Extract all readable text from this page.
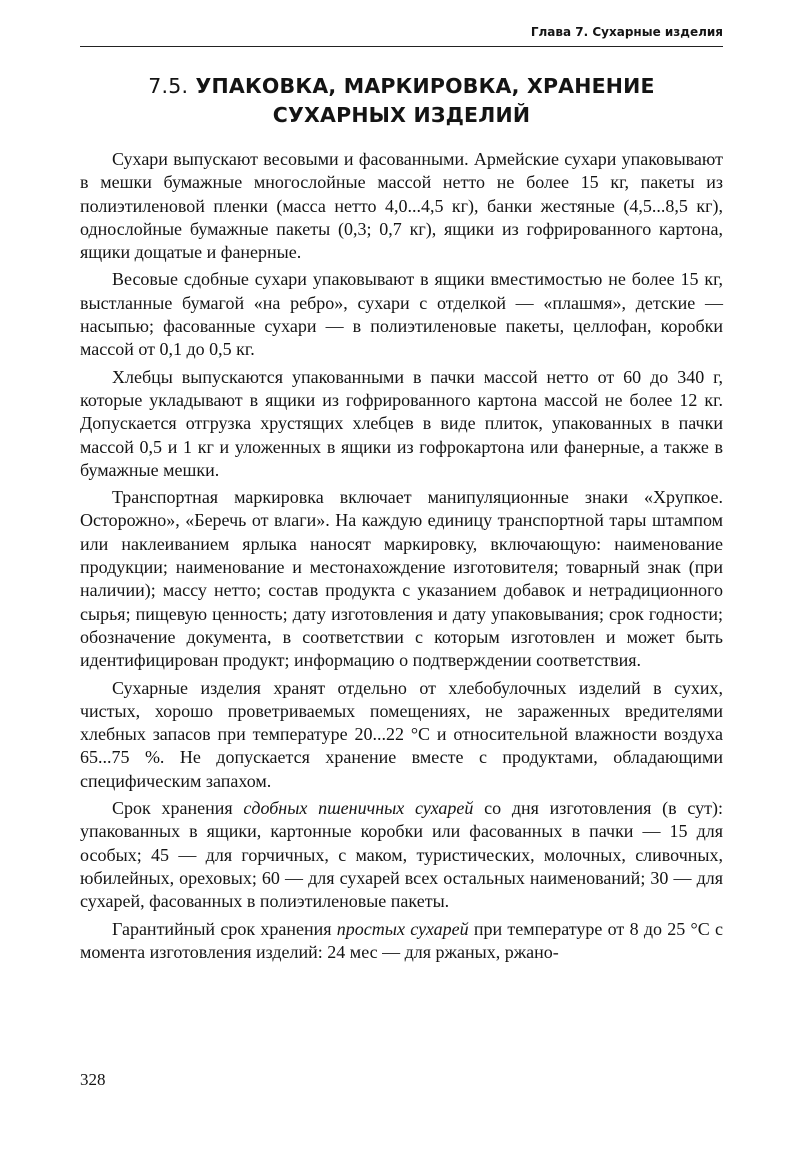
Глава 7. Сухарные изделия
7.5. УПАКОВКА, МАРКИРОВКА, ХРАНЕНИЕ
СУХАРНЫХ ИЗДЕЛИЙ

Сухари выпускают весовыми и фасованными. Армейские сухари упаковывают в мешки бумажные многослойные массой нетто не более 15 кг, пакеты из полиэтиленовой пленки (масса нетто 4,0...4,5 кг), банки жестяные (4,5...8,5 кг), однослойные бумажные пакеты (0,3; 0,7 кг), ящики из гофрированного картона, ящики дощатые и фанерные.

Весовые сдобные сухари упаковывают в ящики вместимостью не более 15 кг, выстланные бумагой «на ребро», сухари с отделкой — «плашмя», детские — насыпью; фасованные сухари — в полиэтиленовые пакеты, целлофан, коробки массой от 0,1 до 0,5 кг.

Хлебцы выпускаются упакованными в пачки массой нетто от 60 до 340 г, которые укладывают в ящики из гофрированного картона массой не более 12 кг. Допускается отгрузка хрустящих хлебцев в виде плиток, упакованных в пачки массой 0,5 и 1 кг и уложенных в ящики из гофрокартона или фанерные, а также в бумажные мешки.

Транспортная маркировка включает манипуляционные знаки «Хрупкое. Осторожно», «Беречь от влаги». На каждую единицу транспортной тары штампом или наклеиванием ярлыка наносят маркировку, включающую: наименование продукции; наименование и местонахождение изготовителя; товарный знак (при наличии); массу нетто; состав продукта с указанием добавок и нетрадиционного сырья; пищевую ценность; дату изготовления и дату упаковывания; срок годности; обозначение документа, в соответствии с которым изготовлен и может быть идентифицирован продукт; информацию о подтверждении соответствия.

Сухарные изделия хранят отдельно от хлебобулочных изделий в сухих, чистых, хорошо проветриваемых помещениях, не зараженных вредителями хлебных запасов при температуре 20...22 °С и относительной влажности воздуха 65...75 %. Не допускается хранение вместе с продуктами, обладающими специфическим запахом.

Срок хранения сдобных пшеничных сухарей со дня изготовления (в сут): упакованных в ящики, картонные коробки или фасованных в пачки — 15 для особых; 45 — для горчичных, с маком, туристических, молочных, сливочных, юбилейных, ореховых; 60 — для сухарей всех остальных наименований; 30 — для сухарей, фасованных в полиэтиленовые пакеты.

Гарантийный срок хранения простых сухарей при температуре от 8 до 25 °С с момента изготовления изделий: 24 мес — для ржаных, ржано-

328
